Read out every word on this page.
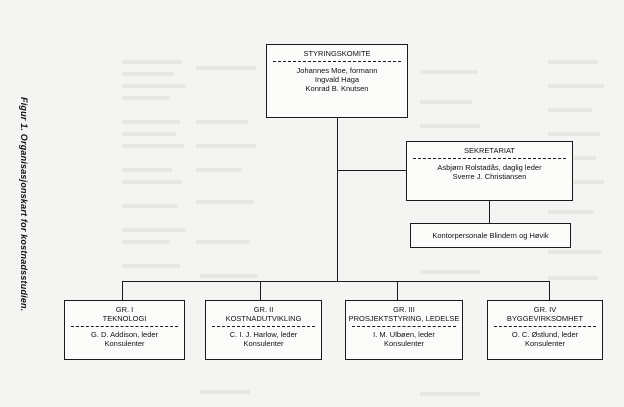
Figur 1. Organisasjonskart for kostnadsstudien.
STYRINGSKOMITE
Johannes Moe, formann
Ingvald Haga
Konrad B. Knutsen
SEKRETARIAT
Asbjørn Rolstadås, daglig leder
Sverre J. Christiansen
Kontorpersonale Blindern og Høvik
GR. I
TEKNOLOGI
G. D. Addison, leder
Konsulenter
GR. II
KOSTNADUTVIKLING
C. I. J. Harlow, leder
Konsulenter
GR. III
PROSJEKTSTYRING, LEDELSE
I. M. Ulbøen, leder
Konsulenter
GR. IV
BYGGEVIRKSOMHET
O. C. Østlund, leder
Konsulenter
